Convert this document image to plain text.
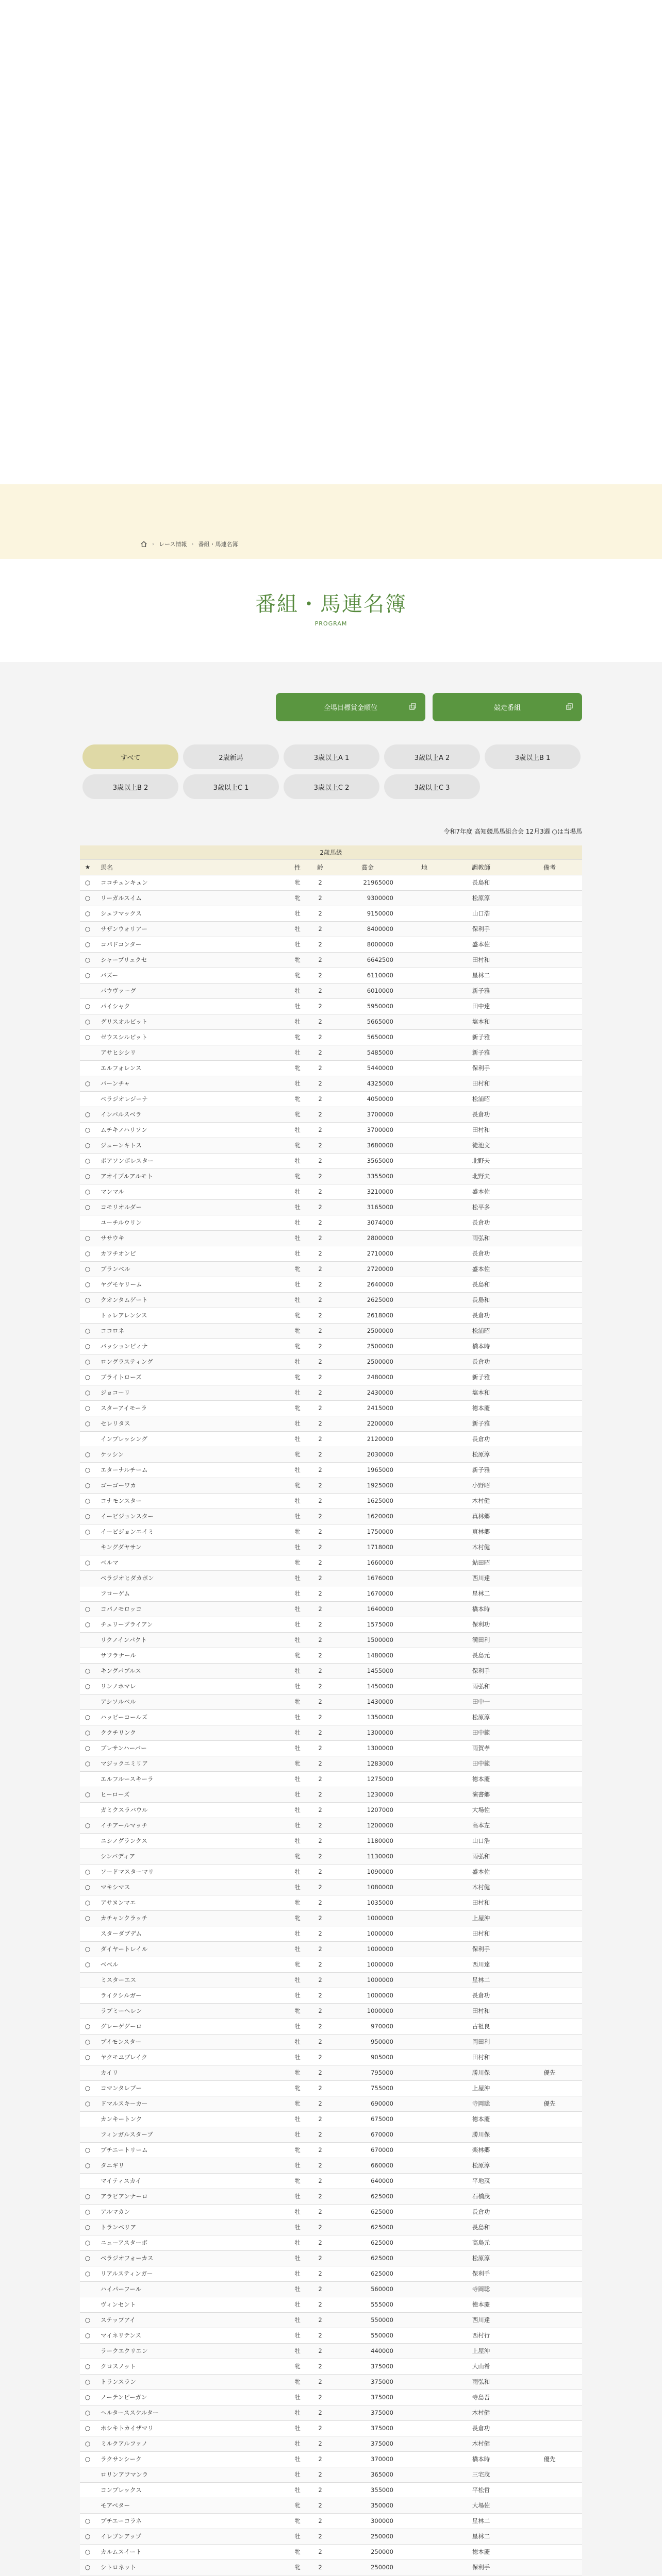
› レース情報 › 番組・馬連名簿
番組・馬連名簿
PROGRAM
全場目標賞金順位	競走番組
すべて	2歳新馬	3歳以上A 1	3歳以上A 2	3歳以上B 1
3歳以上B 2	3歳以上C 1	3歳以上C 2	3歳以上C 3
令和7年度 高知競馬馬組合会 12月3週 ○は当場馬
2歳馬級							
★	馬名	性	齢	賞金	地	調教師	備考
○	ココチュンキュン	牝	2	21965000		長島和	
○	リーガルスイム	牝	2	9300000		松原淳	
○	シェフマックス	牡	2	9150000		山口浩	
○	サザンウォリアー	牡	2	8400000		保利手	
○	コパドコンター	牡	2	8000000		盛本佐	
○	シャープリュクセ	牝	2	6642500		田村和	
○	バズー	牝	2	6110000		星林二	
	パウヴァーグ	牡	2	6010000		新子雅	
○	パイシャク	牡	2	5950000		田中達	
○	グリスオルビット	牡	2	5665000		塩本和	
○	ゼウスシルビット	牝	2	5650000		新子雅	
	アサヒシシリ	牡	2	5485000		新子雅	
	エルフォレンス	牝	2	5440000		保利手	
○	バーンチャ	牡	2	4325000		田村和	
	ベラジオレジーナ	牝	2	4050000		松浦昭	
○	インパルスベラ	牝	2	3700000		長倉功	
○	ムチキノハリソン	牡	2	3700000		田村和	
○	ジューンキトス	牝	2	3680000		徒池文	
○	ボアソンボレスター	牡	2	3565000		北野夫	
○	アオイブルアルモト	牝	2	3355000		北野夫	
○	マンマル	牡	2	3210000		盛本佐	
○	コモリオルダー	牡	2	3165000		松平多	
	ユーチルウリン	牡	2	3074000		長倉功	
○	ササウキ	牡	2	2800000		雨弘和	
○	カワチオンピ	牡	2	2710000		長倉功	
○	ブランベル	牝	2	2720000		盛本佐	
○	ヤグモヤリーム	牡	2	2640000		長島和	
○	クオンタムゲート	牡	2	2625000		長島和	
	トゥレアレンシス	牝	2	2618000		長倉功	
○	ココロネ	牝	2	2500000		松浦昭	
○	バッションピィナ	牝	2	2500000		橋本時	
○	ロングラスティング	牡	2	2500000		長倉功	
○	ブライトローズ	牝	2	2480000		新子雅	
○	ジョコーリ	牡	2	2430000		塩本和	
○	スターアイモーラ	牝	2	2415000		徳本慶	
○	セレリタス	牡	2	2200000		新子雅	
	インプレッシング	牡	2	2120000		長倉功	
○	ケッシン	牝	2	2030000		松原淳	
○	エターナルチーム	牡	2	1965000		新子雅	
○	ゴーゴーワカ	牝	2	1925000		小野昭	
○	コナモンスター	牡	2	1625000		木村健	
○	イービジョンスター	牡	2	1620000		真林郷	
○	イービジョンエイミ	牝	2	1750000		真林郷	
	キングダヤサン	牡	2	1718000		木村健	
○	ベルマ	牝	2	1660000		鮎田昭	
	ベラジオヒダカボン	牡	2	1676000		西川達	
	フローゲム	牡	2	1670000		星林二	
○	コパノモロッコ	牡	2	1640000		橋本時	
○	チェリーブライアン	牡	2	1575000		保利功	
	リクノインパクト	牡	2	1500000		満田利	
	サフラナール	牝	2	1480000		長島元	
○	キングパブルス	牡	2	1455000		保利手	
○	リンノホマレ	牡	2	1450000		雨弘和	
	アシソルベル	牝	2	1430000		田中一	
○	ハッピーコールズ	牡	2	1350000		松原淳	
○	ククチリンク	牡	2	1300000		田中範	
○	ブレサンハーバー	牡	2	1300000		雨賀孝	
○	マジックエミリア	牝	2	1283000		田中範	
	エルフルースキーラ	牡	2	1275000		徳本慶	
○	ヒーローズ	牡	2	1230000		演書郷	
	ガミクスラバウル	牡	2	1207000		大場佐	
○	イチアールマッチ	牡	2	1200000		高本左	
	ニシノグランクス	牡	2	1180000		山口浩	
	シンバディア	牝	2	1130000		雨弘和	
○	ソードマスターマリ	牡	2	1090000		盛本佐	
○	マキシマス	牡	2	1080000		木村健	
○	アサヌンマエ	牝	2	1035000		田村和	
○	カチャンクラッチ	牝	2	1000000		上屋沖	
	スターダブデム	牡	2	1000000		田村和	
○	ダイヤートレイル	牡	2	1000000		保利手	
○	ベベル	牝	2	1000000		西川達	
	ミスターエス	牡	2	1000000		星林二	
	ライクシルガー	牡	2	1000000		長倉功	
	ラブミーヘレン	牝	2	1000000		田村和	
○	グレーゲグーロ	牡	2	970000		古祖良	
○	プイモンスター	牡	2	950000		岡田利	
○	ヤクモユプレイク	牡	2	905000		田村和	
	カイリ	牝	2	795000		勝川保	優先
○	コマンタレブー	牝	2	755000		上屋沖	
○	ドマルスキーカー	牝	2	690000		寺岡聡	優先
	カンキートンク	牡	2	675000		徳本慶	
	フィンガルスターブ	牡	2	670000		勝川保	
○	プチニートリーム	牝	2	670000		楽林郷	
○	タニギリ	牡	2	660000		松原淳	
	マイティスカイ	牝	2	640000		平地茂	
○	アラピアンナーロ	牡	2	625000		石橋茂	
○	アルマカン	牡	2	625000		長倉功	
○	トランベリア	牡	2	625000		長島和	
○	ニューアスターボ	牡	2	625000		高島元	
○	ベラジオフォーカス	牡	2	625000		松原淳	
○	リアルスティンガー	牡	2	625000		保利手	
	ハイパーフール	牡	2	560000		寺岡聡	
	ヴィンセント	牡	2	555000		徳本慶	
○	ステップアイ	牡	2	550000		西川達	
○	マイネリテンス	牡	2	550000		西村行	
	ラークエクリエン	牡	2	440000		上屋沖	
○	クロスノット	牝	2	375000		大山希	
○	トランスラン	牝	2	375000		雨弘和	
○	ノーテンピーガン	牡	2	375000		寺島吾	
○	ヘルターススケルター	牡	2	375000		木村健	
○	ホシキトカイザマリ	牡	2	375000		長倉功	
○	ミルクアルファノ	牡	2	375000		木村健	
○	ラクサンシーク	牡	2	370000		橋本時	優先
	ロリンアフマンラ	牡	2	365000		三宅茂	
	コンプレックス	牡	2	355000		平松哲	
	モアベター	牝	2	350000		大場佐	
○	プチエーコラネ	牝	2	300000		星林二	
○	イレブンアップ	牡	2	250000		星林二	
○	カルムスイート	牝	2	250000		徳本慶	
○	シトロネット	牝	2	250000		保利手	
